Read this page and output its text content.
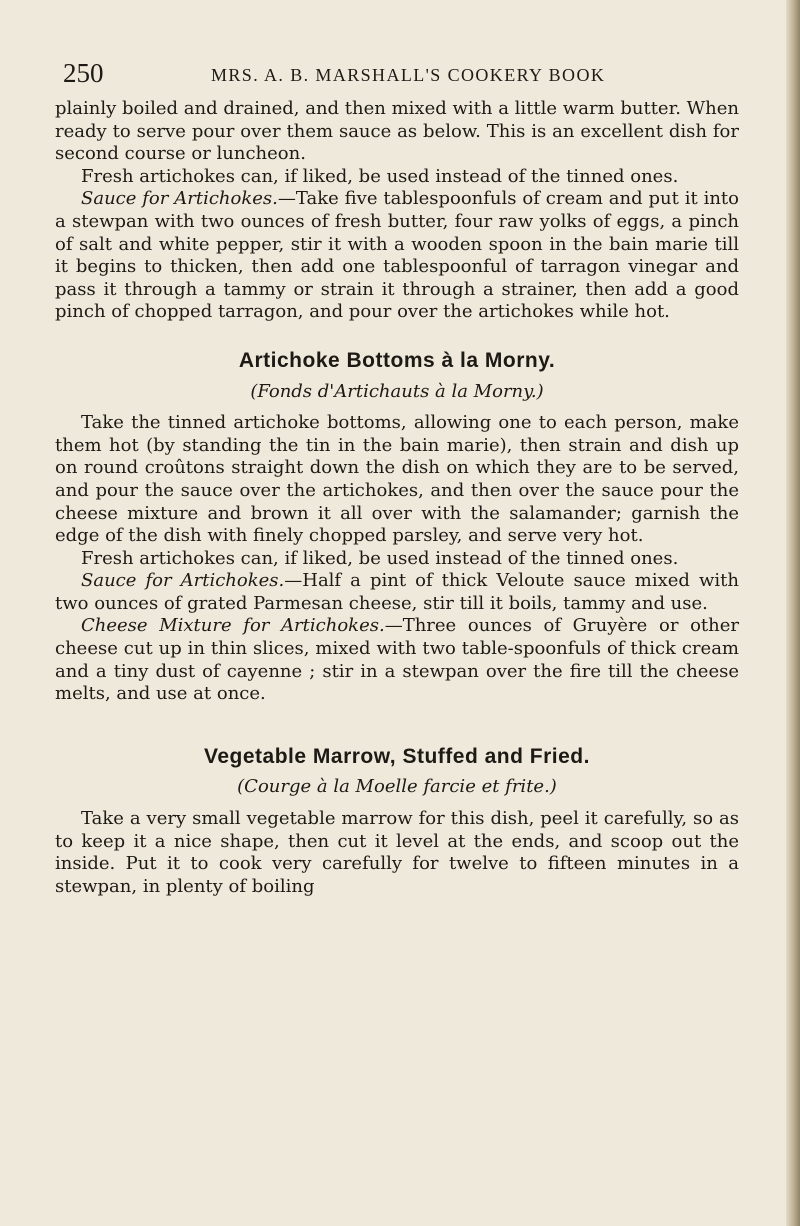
250	MRS. A. B. MARSHALL'S COOKERY BOOK

plainly boiled and drained, and then mixed with a little warm butter. When ready to serve pour over them sauce as below. This is an excellent dish for second course or luncheon.

Fresh artichokes can, if liked, be used instead of the tinned ones.

Sauce for Artichokes.—Take five tablespoonfuls of cream and put it into a stewpan with two ounces of fresh butter, four raw yolks of eggs, a pinch of salt and white pepper, stir it with a wooden spoon in the bain marie till it begins to thicken, then add one tablespoonful of tarragon vinegar and pass it through a tammy or strain it through a strainer, then add a good pinch of chopped tarragon, and pour over the artichokes while hot.

Artichoke Bottoms à la Morny.

(Fonds d'Artichauts à la Morny.)

Take the tinned artichoke bottoms, allowing one to each person, make them hot (by standing the tin in the bain marie), then strain and dish up on round croûtons straight down the dish on which they are to be served, and pour the sauce over the artichokes, and then over the sauce pour the cheese mixture and brown it all over with the salamander; garnish the edge of the dish with finely chopped parsley, and serve very hot.

Fresh artichokes can, if liked, be used instead of the tinned ones.

Sauce for Artichokes.—Half a pint of thick Veloute sauce mixed with two ounces of grated Parmesan cheese, stir till it boils, tammy and use.

Cheese Mixture for Artichokes.—Three ounces of Gruyère or other cheese cut up in thin slices, mixed with two table-spoonfuls of thick cream and a tiny dust of cayenne ; stir in a stewpan over the fire till the cheese melts, and use at once.

Vegetable Marrow, Stuffed and Fried.

(Courge à la Moelle farcie et frite.)

Take a very small vegetable marrow for this dish, peel it carefully, so as to keep it a nice shape, then cut it level at the ends, and scoop out the inside. Put it to cook very carefully for twelve to fifteen minutes in a stewpan, in plenty of boiling
